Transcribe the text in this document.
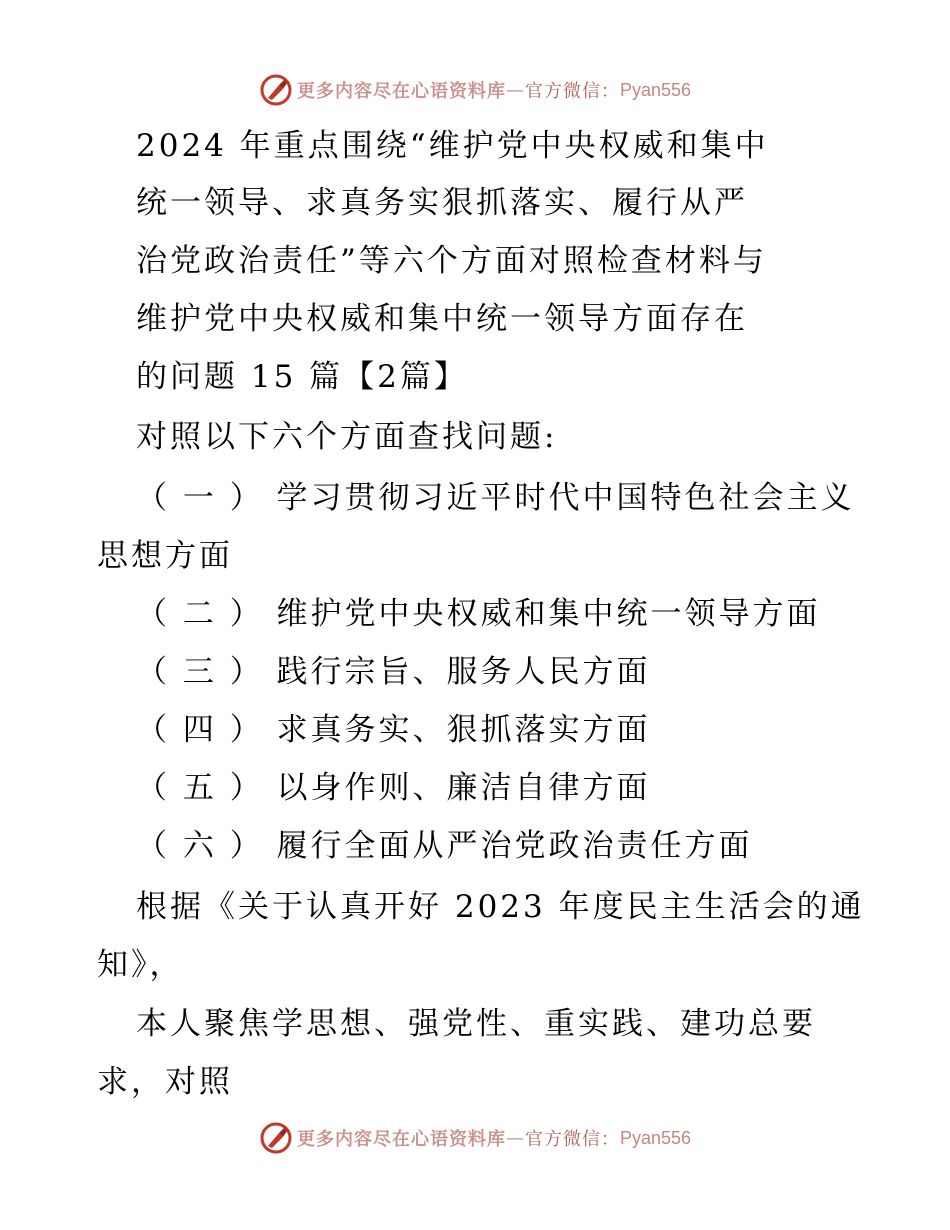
更多内容尽在心语资料库 — 官方微信： Pyan556
2024 年重点围绕“维护党中央权威和集中
统一领导、求真务实狠抓落实、履行从严
治党政治责任”等六个方面对照检查材料与
维护党中央权威和集中统一领导方面存在
的问题 15 篇【2篇】
对照以下六个方面查找问题:
（ 一 ） 学习贯彻习近平时代中国特色社会主义
思想方面
（ 二 ） 维护党中央权威和集中统一领导方面
（ 三 ） 践行宗旨、服务人民方面
（ 四 ） 求真务实、狠抓落实方面
（ 五 ） 以身作则、廉洁自律方面
（ 六 ） 履行全面从严治党政治责任方面
根据《关于认真开好 2023 年度民主生活会的通
知》，
本人聚焦学思想、强党性、重实践、建功总要
求，对照
更多内容尽在心语资料库 — 官方微信： Pyan556
